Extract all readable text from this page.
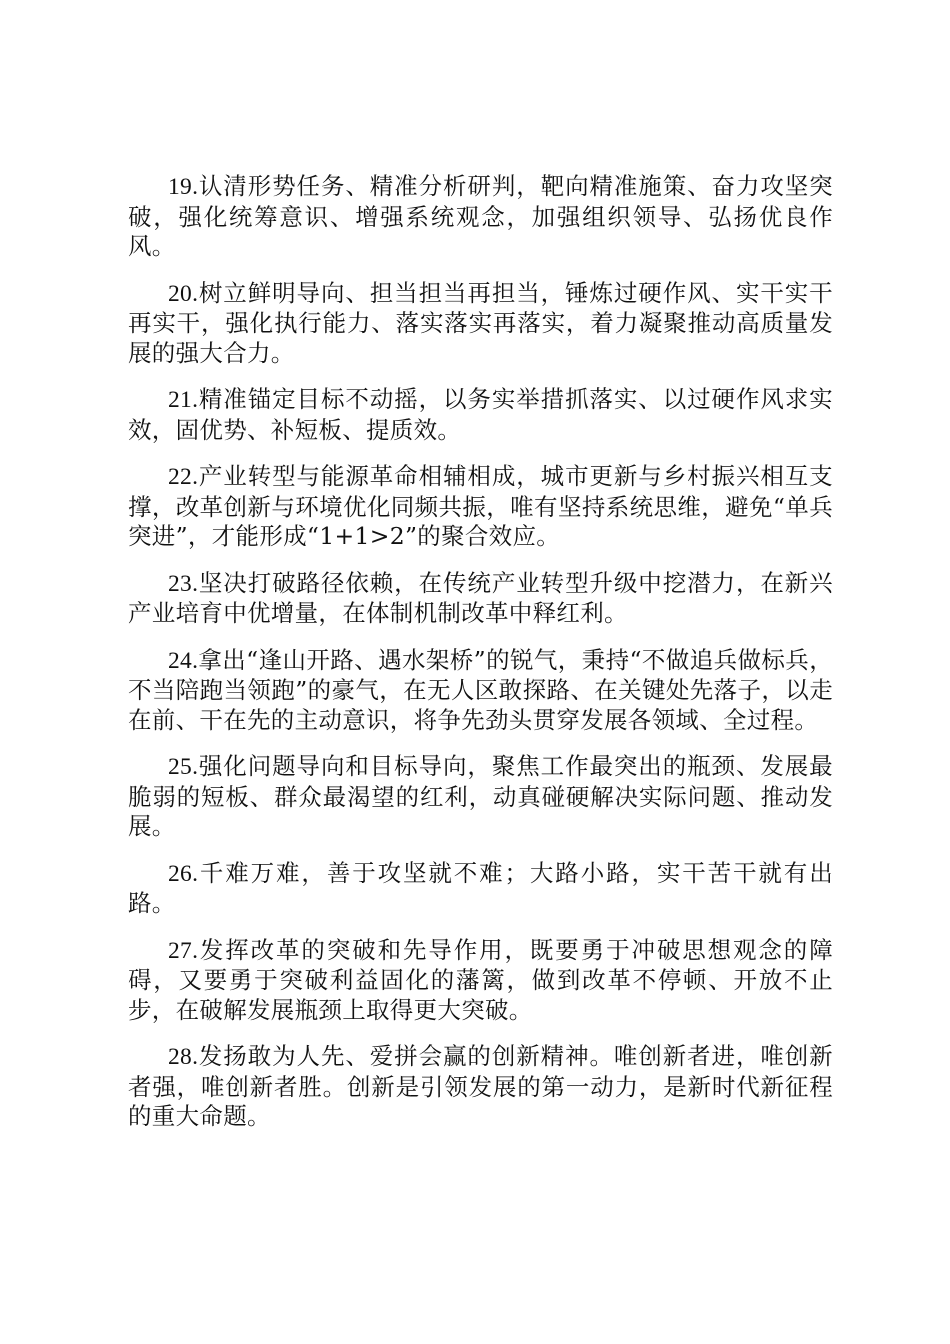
19.认清形势任务、精准分析研判，靶向精准施策、奋力攻坚突破，强化统筹意识、增强系统观念，加强组织领导、弘扬优良作风。

20.树立鲜明导向、担当担当再担当，锤炼过硬作风、实干实干再实干，强化执行能力、落实落实再落实，着力凝聚推动高质量发展的强大合力。

21.精准锚定目标不动摇，以务实举措抓落实、以过硬作风求实效，固优势、补短板、提质效。

22.产业转型与能源革命相辅相成，城市更新与乡村振兴相互支撑，改革创新与环境优化同频共振，唯有坚持系统思维，避免“单兵突进”，才能形成“1+1>2”的聚合效应。

23.坚决打破路径依赖，在传统产业转型升级中挖潜力，在新兴产业培育中优增量，在体制机制改革中释红利。

24.拿出“逢山开路、遇水架桥”的锐气，秉持“不做追兵做标兵，不当陪跑当领跑”的豪气，在无人区敢探路、在关键处先落子，以走在前、干在先的主动意识，将争先劲头贯穿发展各领域、全过程。

25.强化问题导向和目标导向，聚焦工作最突出的瓶颈、发展最脆弱的短板、群众最渴望的红利，动真碰硬解决实际问题、推动发展。

26.千难万难，善于攻坚就不难；大路小路，实干苦干就有出路。

27.发挥改革的突破和先导作用，既要勇于冲破思想观念的障碍，又要勇于突破利益固化的藩篱，做到改革不停顿、开放不止步，在破解发展瓶颈上取得更大突破。

28.发扬敢为人先、爱拼会赢的创新精神。唯创新者进，唯创新者强，唯创新者胜。创新是引领发展的第一动力，是新时代新征程的重大命题。
